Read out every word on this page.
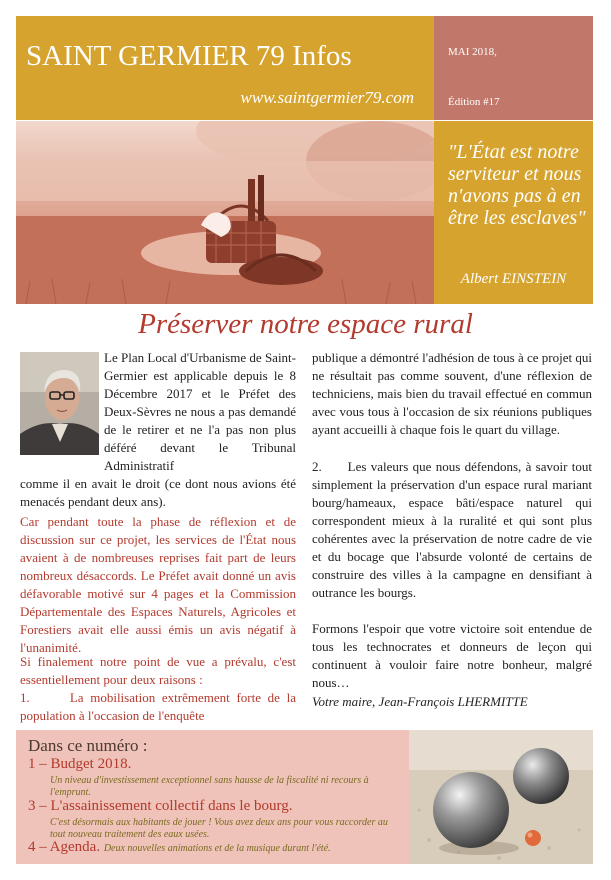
SAINT GERMIER 79 Infos
www.saintgermier79.com
MAI 2018,
Édition #17
"L'État est notre serviteur et nous n'avons pas à en être les esclaves"
Albert EINSTEIN
Préserver notre espace rural
Le Plan Local d'Urbanisme de Saint-Germier est applicable depuis le 8 Décembre 2017 et le Préfet des Deux-Sèvres ne nous a pas demandé de le retirer et ne l'a pas non plus déféré devant le Tribunal Administratif
comme il en avait le droit (ce dont nous avions été menacés pendant deux ans).
Car pendant toute la phase de réflexion et de discussion sur ce projet, les services de l'État nous avaient à de nombreuses reprises fait part de leurs nombreux désaccords. Le Préfet avait donné un avis défavorable motivé sur 4 pages et la Commission Départementale des Espaces Naturels, Agricoles et Forestiers avait elle aussi émis un avis négatif à l'unanimité.
Si finalement notre point de vue a prévalu, c'est essentiellement pour deux raisons :
1.      La mobilisation extrêmement forte de la population à l'occasion de l'enquête
publique a démontré l'adhésion de tous à ce projet qui ne résultait pas comme souvent, d'une réflexion de techniciens, mais bien du travail effectué en commun avec vous tous à l'occasion de six réunions publiques ayant accueilli à chaque fois le quart du village.
2.      Les valeurs que nous défendons, à savoir tout simplement la préservation d'un espace rural mariant bourg/hameaux, espace bâti/espace naturel qui correspondent mieux à la ruralité et qui sont plus cohérentes avec la préservation de notre cadre de vie et du bocage que l'absurde volonté de certains de construire des villes à la campagne en densifiant à outrance les bourgs.
Formons l'espoir que votre victoire soit entendue de tous les technocrates et donneurs de leçon qui continuent à vouloir faire notre bonheur, malgré nous…
Votre maire, Jean-François LHERMITTE
Dans ce numéro :
1 – Budget 2018.
Un niveau d'investissement exceptionnel sans hausse de la fiscalité ni recours à l'emprunt.
3 – L'assainissement collectif dans le bourg.
C'est désormais aux habitants de jouer ! Vous avez deux ans pour vous raccorder au tout nouveau traitement des eaux usées.
4 – Agenda. Deux nouvelles animations et de la musique durant l'été.
